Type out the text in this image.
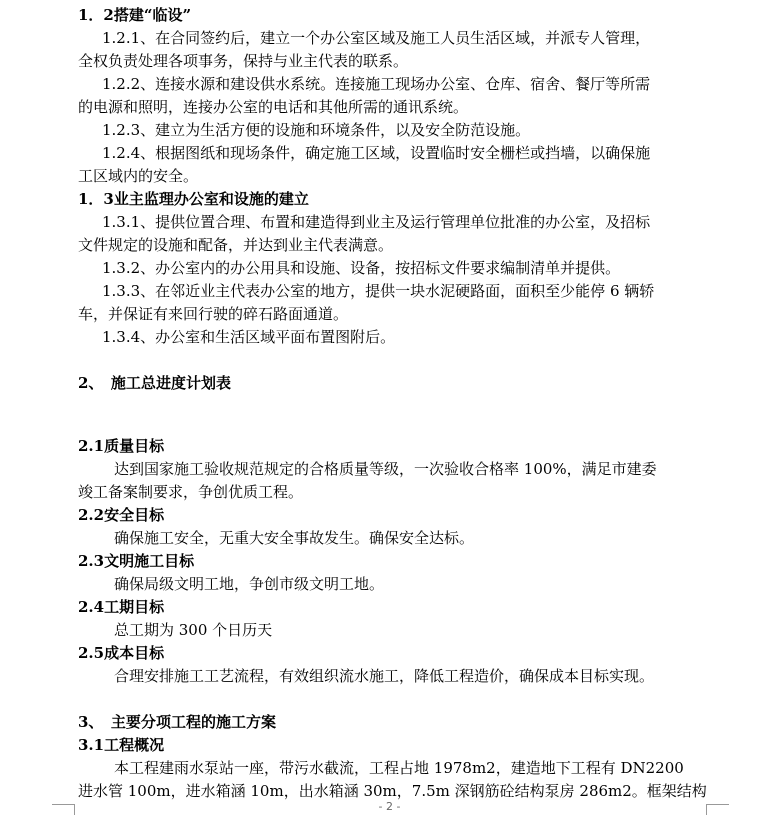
1．2搭建“临设”
1.2.1、在合同签约后，建立一个办公室区域及施工人员生活区域，并派专人管理，
全权负责处理各项事务，保持与业主代表的联系。
1.2.2、连接水源和建设供水系统。连接施工现场办公室、仓库、宿舍、餐厅等所需
的电源和照明，连接办公室的电话和其他所需的通讯系统。
1.2.3、建立为生活方便的设施和环境条件，以及安全防范设施。
1.2.4、根据图纸和现场条件，确定施工区域，设置临时安全栅栏或挡墙，以确保施
工区域内的安全。
1．3业主监理办公室和设施的建立
1.3.1、提供位置合理、布置和建造得到业主及运行管理单位批准的办公室，及招标
文件规定的设施和配备，并达到业主代表满意。
1.3.2、办公室内的办公用具和设施、设备，按招标文件要求编制清单并提供。
1.3.3、在邻近业主代表办公室的地方，提供一块水泥硬路面，面积至少能停 6 辆轿
车，并保证有来回行驶的碎石路面通道。
1.3.4、办公室和生活区域平面布置图附后。
2、　施工总进度计划表
2.1质量目标
达到国家施工验收规范规定的合格质量等级，一次验收合格率 100%，满足市建委
竣工备案制要求，争创优质工程。
2.2安全目标
确保施工安全，无重大安全事故发生。确保安全达标。
2.3文明施工目标
确保局级文明工地，争创市级文明工地。
2.4工期目标
总工期为 300 个日历天
2.5成本目标
合理安排施工工艺流程，有效组织流水施工，降低工程造价，确保成本目标实现。
3、　主要分项工程的施工方案
3.1工程概况
本工程建雨水泵站一座，带污水截流，工程占地 1978m2，建造地下工程有 DN2200
进水管 100m，进水箱涵 10m，出水箱涵 30m，7.5m 深钢筋砼结构泵房 286m2。框架结构
- 2 -
